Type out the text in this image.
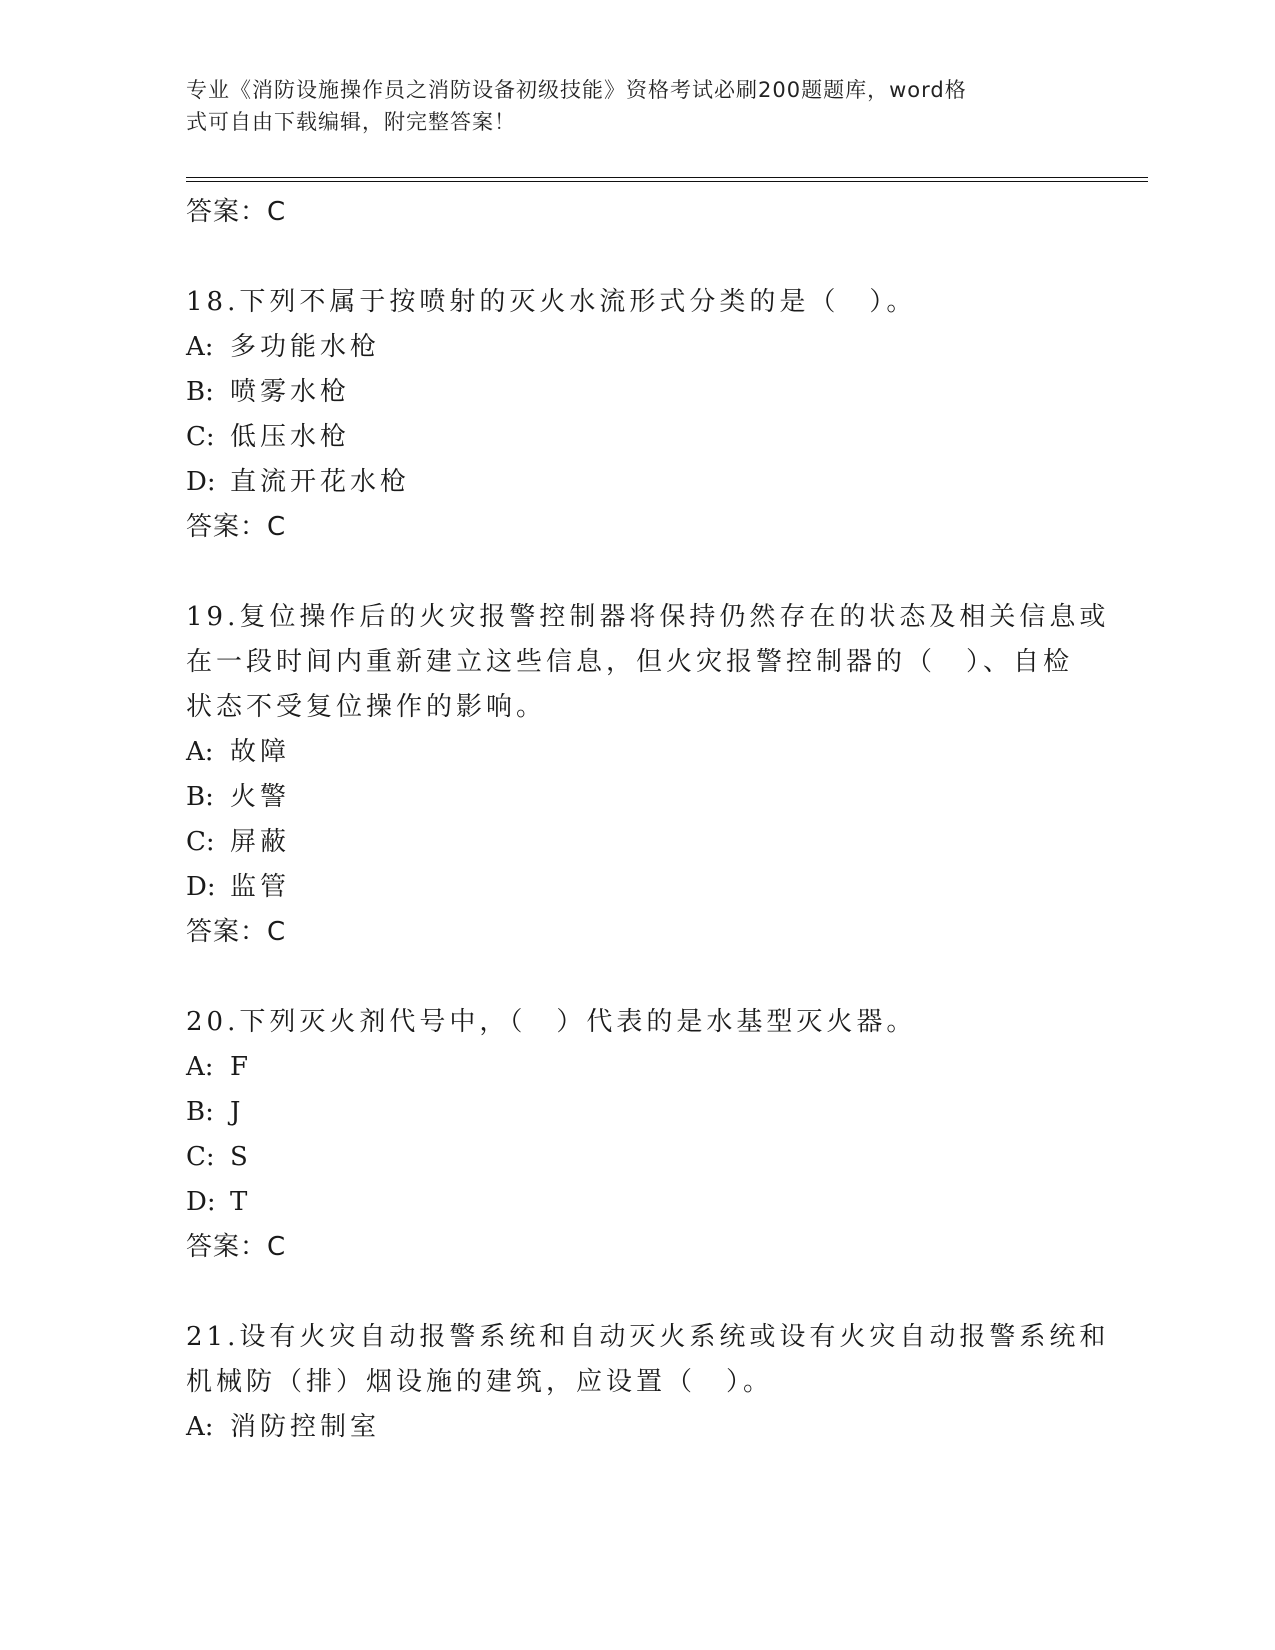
专业《消防设施操作员之消防设备初级技能》资格考试必刷200题题库，word格
式可自由下载编辑，附完整答案！
答案：C
18.下列不属于按喷射的灭火水流形式分类的是（　）。
A: 多功能水枪
B: 喷雾水枪
C: 低压水枪
D: 直流开花水枪
答案：C
19.复位操作后的火灾报警控制器将保持仍然存在的状态及相关信息或
在一段时间内重新建立这些信息，但火灾报警控制器的（　）、自检
状态不受复位操作的影响。
A: 故障
B: 火警
C: 屏蔽
D: 监管
答案：C
20.下列灭火剂代号中，（　）代表的是水基型灭火器。
A: F
B: J
C: S
D: T
答案：C
21.设有火灾自动报警系统和自动灭火系统或设有火灾自动报警系统和
机械防（排）烟设施的建筑，应设置（　）。
A: 消防控制室
